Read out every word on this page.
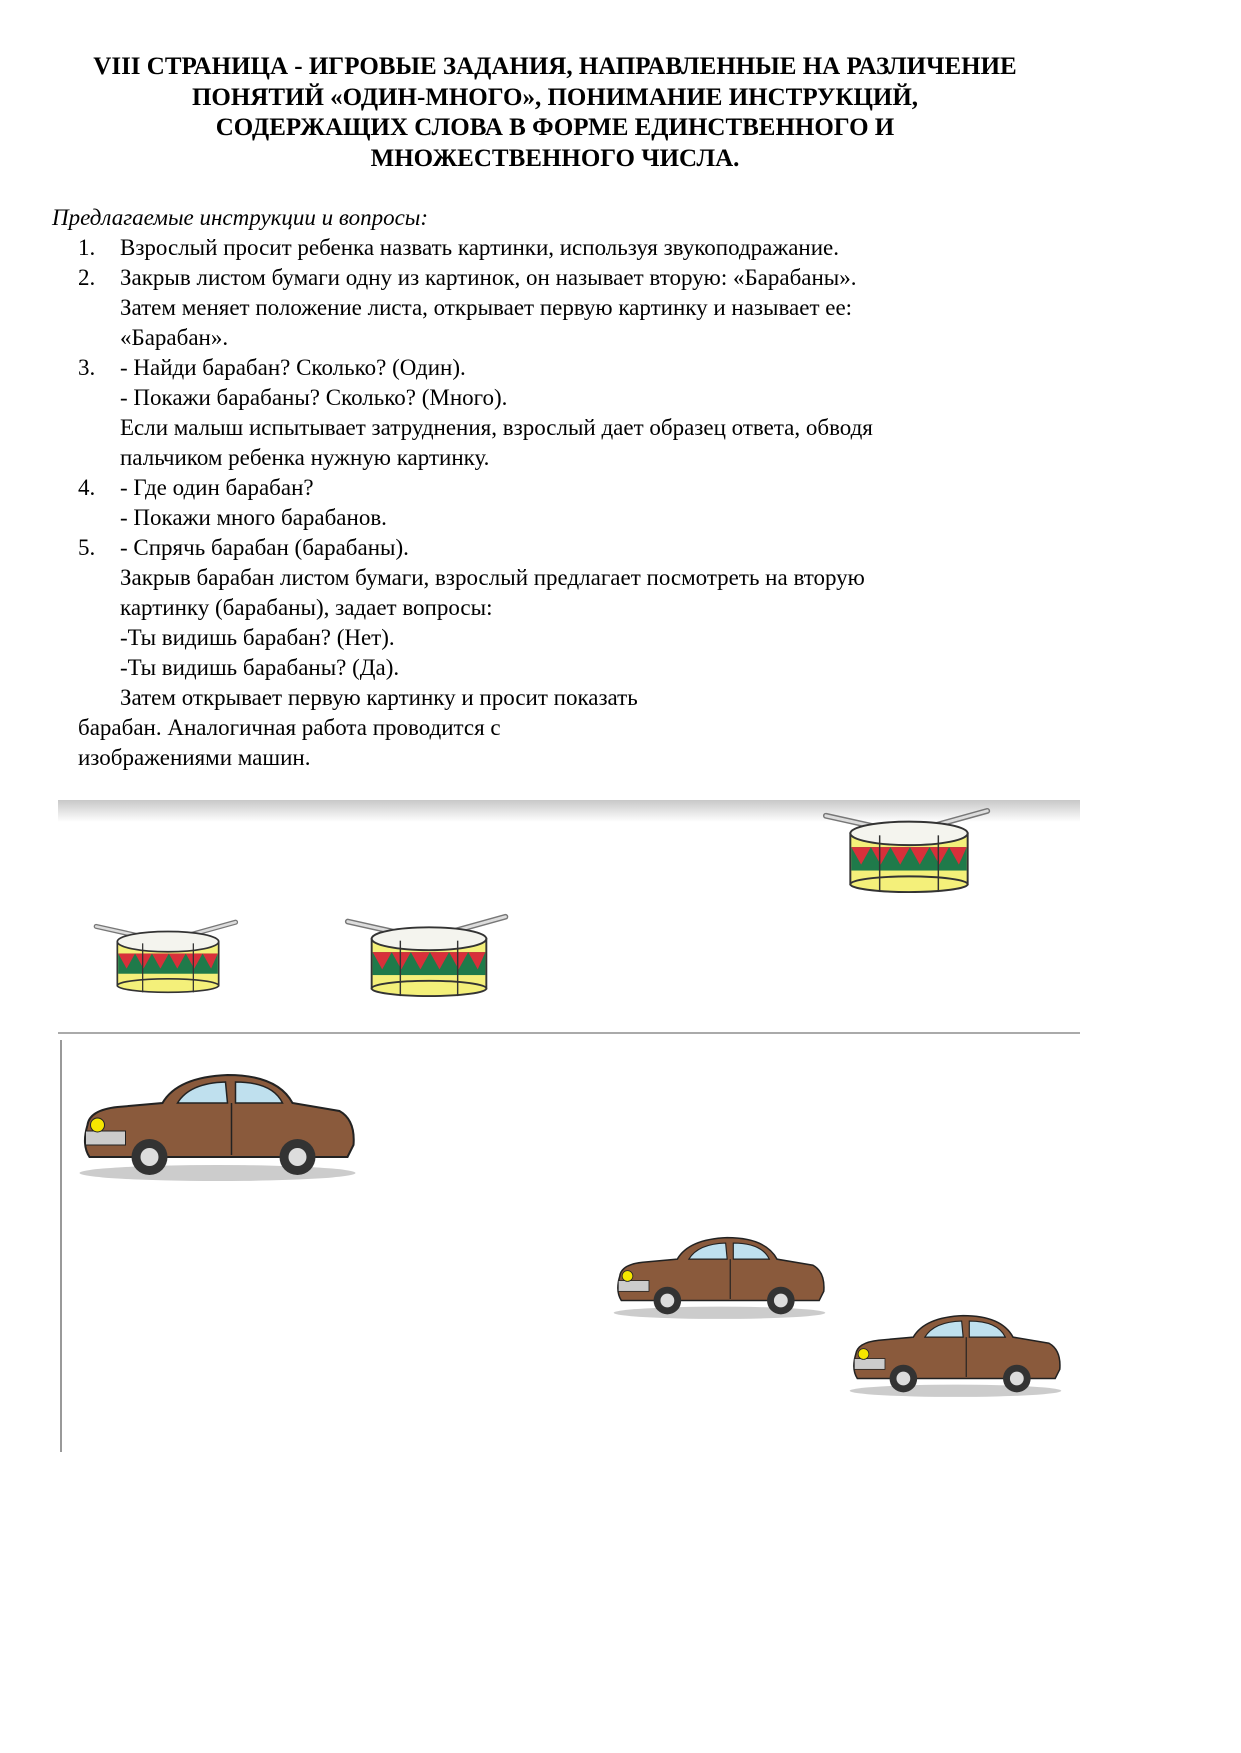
VIII СТРАНИЦА - ИГРОВЫЕ ЗАДАНИЯ, НАПРАВЛЕННЫЕ НА РАЗЛИЧЕНИЕ
ПОНЯТИЙ «ОДИН-МНОГО», ПОНИМАНИЕ ИНСТРУКЦИЙ,
СОДЕРЖАЩИХ СЛОВА В ФОРМЕ ЕДИНСТВЕННОГО И
МНОЖЕСТВЕННОГО ЧИСЛА.
Предлагаемые инструкции и вопросы:
1.
2.
3.
4.
5.
Взрослый просит ребенка назвать картинки, используя звукоподражание.
Закрыв листом бумаги одну из картинок, он называет вторую: «Барабаны».
Затем меняет положение листа, открывает первую картинку и называет ее:
«Барабан».
- Найди барабан? Сколько? (Один).
- Покажи барабаны? Сколько? (Много).
Если малыш испытывает затруднения, взрослый дает образец ответа, обводя
пальчиком ребенка нужную картинку.
- Где один барабан?
- Покажи много барабанов.
- Спрячь барабан (барабаны).
Закрыв барабан листом бумаги, взрослый предлагает посмотреть на вторую
картинку (барабаны), задает вопросы:
-Ты видишь барабан? (Нет).
-Ты видишь барабаны? (Да).
Затем открывает первую картинку и просит показать
барабан. Аналогичная работа проводится с
изображениями машин.
